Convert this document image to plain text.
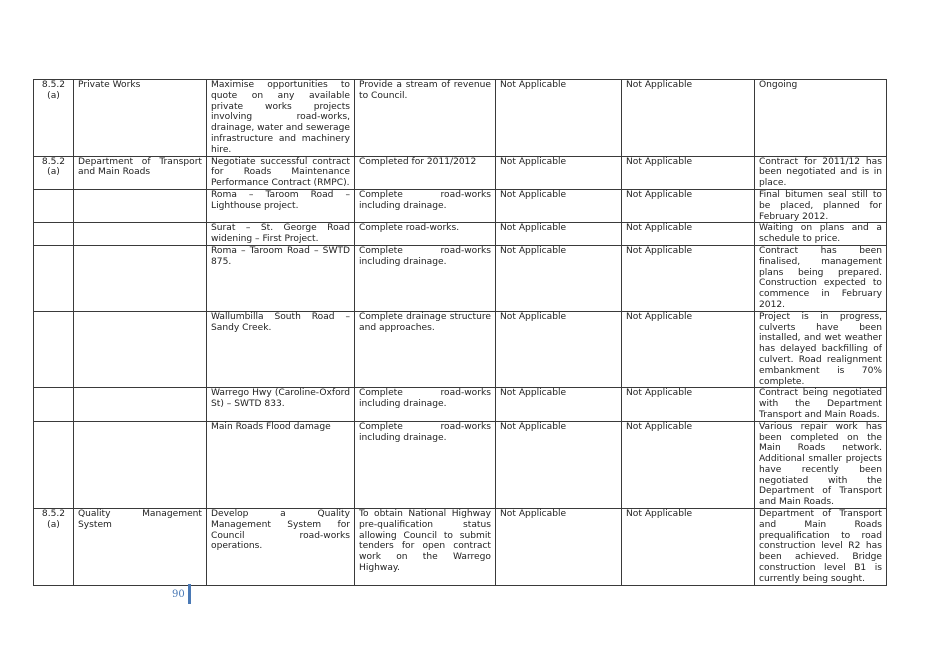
8.5.2 (a)	Private Works	Maximise opportunities to quote on any available private works projects involving road-works, drainage, water and sewerage infrastructure and machinery hire.	Provide a stream of revenue to Council.	Not Applicable	Not Applicable	Ongoing

8.5.2 (a)	Department of Transport and Main Roads	Negotiate successful contract for Roads Maintenance Performance Contract (RMPC).	Completed for 2011/2012	Not Applicable	Not Applicable	Contract for 2011/12 has been negotiated and is in place.

		Roma – Taroom Road – Lighthouse project.	Complete road-works including drainage.	Not Applicable	Not Applicable	Final bitumen seal still to be placed, planned for February 2012.

		Surat – St. George Road widening – First Project.	Complete road-works.	Not Applicable	Not Applicable	Waiting on plans and a schedule to price.

		Roma – Taroom Road – SWTD 875.	Complete road-works including drainage.	Not Applicable	Not Applicable	Contract has been finalised, management plans being prepared. Construction expected to commence in February 2012.

		Wallumbilla South Road – Sandy Creek.	Complete drainage structure and approaches.	Not Applicable	Not Applicable	Project is in progress, culverts have been installed, and wet weather has delayed backfilling of culvert. Road realignment embankment is 70% complete.

		Warrego Hwy (Caroline-Oxford St) – SWTD 833.	Complete road-works including drainage.	Not Applicable	Not Applicable	Contract being negotiated with the Department Transport and Main Roads.

		Main Roads Flood damage	Complete road-works including drainage.	Not Applicable	Not Applicable	Various repair work has been completed on the Main Roads network. Additional smaller projects have recently been negotiated with the Department of Transport and Main Roads.

8.5.2 (a)	Quality Management System	Develop a Quality Management System for Council road-works operations.	To obtain National Highway pre-qualification status allowing Council to submit tenders for open contract work on the Warrego Highway.	Not Applicable	Not Applicable	Department of Transport and Main Roads prequalification to road construction level R2 has been achieved. Bridge construction level B1 is currently being sought.
90
